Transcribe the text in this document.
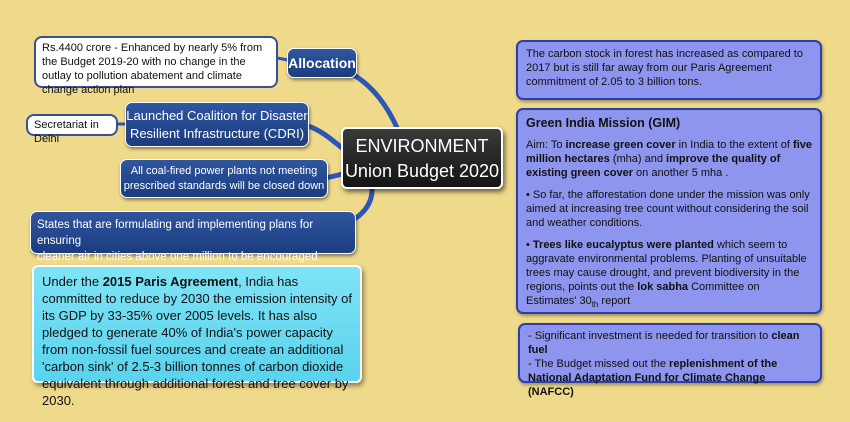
Rs.4400 crore - Enhanced by nearly 5% from the Budget 2019-20 with no change in the outlay to pollution abatement and climate change action plan
Allocation
Secretariat in Delhi

Launched Coalition for Disaster

Resilient Infrastructure (CDRI)

All coal-fired power plants not meeting

prescribed standards will be closed down

States that are formulating and implementing plans for ensuring

cleaner air in cities above one million to be encouraged

ENVIRONMENT

Union Budget 2020

Under the 2015 Paris Agreement, India has committed to reduce by 2030 the emission intensity of its GDP by 33-35% over 2005 levels. It has also pledged to generate 40% of India's power capacity from non-fossil fuel sources and create an additional 'carbon sink' of 2.5-3 billion tonnes of carbon dioxide equivalent through additional forest and tree cover by 2030.
The carbon stock in forest has increased as compared to 2017 but is still far away from our Paris Agreement commitment of 2.05 to 3 billion tons.

Green India Mission (GIM)

Aim: To increase green cover in India to the extent of five million hectares (mha) and improve the quality of existing green cover on another 5 mha .

• So far, the afforestation done under the mission was only aimed at increasing tree count without considering the soil and weather conditions.

• Trees like eucalyptus were planted which seem to aggravate environmental problems. Planting of unsuitable trees may cause drought, and prevent biodiversity in the regions, points out the lok sabha Committee on Estimates' $30_{th}$ report

- Significant investment is needed for transition to clean fuel

- The Budget missed out the replenishment of the National Adaptation Fund for Climate Change (NAFCC)
